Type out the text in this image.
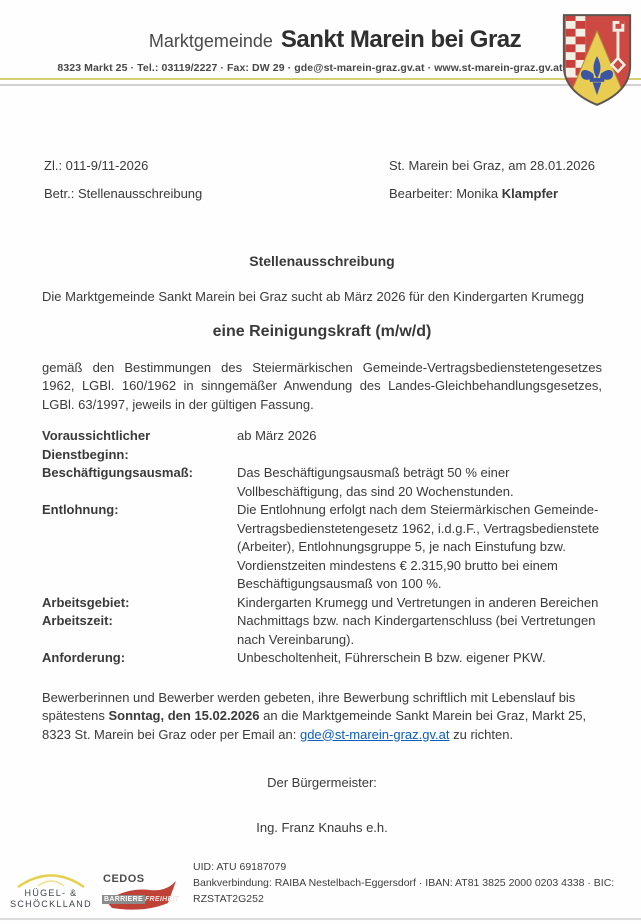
Marktgemeinde Sankt Marein bei Graz
8323 Markt 25 · Tel.: 03119/2227 · Fax: DW 29 · gde@st-marein-graz.gv.at · www.st-marein-graz.gv.at
Zl.: 011-9/11-2026
Betr.: Stellenausschreibung
St. Marein bei Graz, am 28.01.2026
Bearbeiter: Monika Klampfer
Stellenausschreibung
Die Marktgemeinde Sankt Marein bei Graz sucht ab März 2026 für den Kindergarten Krumegg
eine Reinigungskraft (m/w/d)
gemäß den Bestimmungen des Steiermärkischen Gemeinde-Vertragsbedienstetengesetzes 1962, LGBl. 160/1962 in sinngemäßer Anwendung des Landes-Gleichbehandlungsgesetzes, LGBl. 63/1997, jeweils in der gültigen Fassung.
Voraussichtlicher Dienstbeginn:
ab März 2026
Beschäftigungsausmaß:	Das Beschäftigungsausmaß beträgt 50 % einer Vollbeschäftigung, das sind 20 Wochenstunden.
Entlohnung:	Die Entlohnung erfolgt nach dem Steiermärkischen Gemeinde-Vertragsbedienstetengesetz 1962, i.d.g.F., Vertragsbedienstete (Arbeiter), Entlohnungsgruppe 5, je nach Einstufung bzw. Vordienstzeiten mindestens € 2.315,90 brutto bei einem Beschäftigungsausmaß von 100 %.
Arbeitsgebiet:	Kindergarten Krumegg und Vertretungen in anderen Bereichen
Arbeitszeit:	Nachmittags bzw. nach Kindergartenschluss (bei Vertretungen nach Vereinbarung).
Anforderung:	Unbescholtenheit, Führerschein B bzw. eigener PKW.
Bewerberinnen und Bewerber werden gebeten, ihre Bewerbung schriftlich mit Lebenslauf bis spätestens Sonntag, den 15.02.2026 an die Marktgemeinde Sankt Marein bei Graz, Markt 25, 8323 St. Marein bei Graz oder per Email an: gde@st-marein-graz.gv.at zu richten.
Der Bürgermeister:
Ing. Franz Knauhs e.h.
HÜGEL- &
SCHÖCKLLAND
CEDOS
BARRIERE FREIHEIT
UID: ATU 69187079
Bankverbindung: RAIBA Nestelbach-Eggersdorf · IBAN: AT81 3825 2000 0203 4338 · BIC: RZSTAT2G252
